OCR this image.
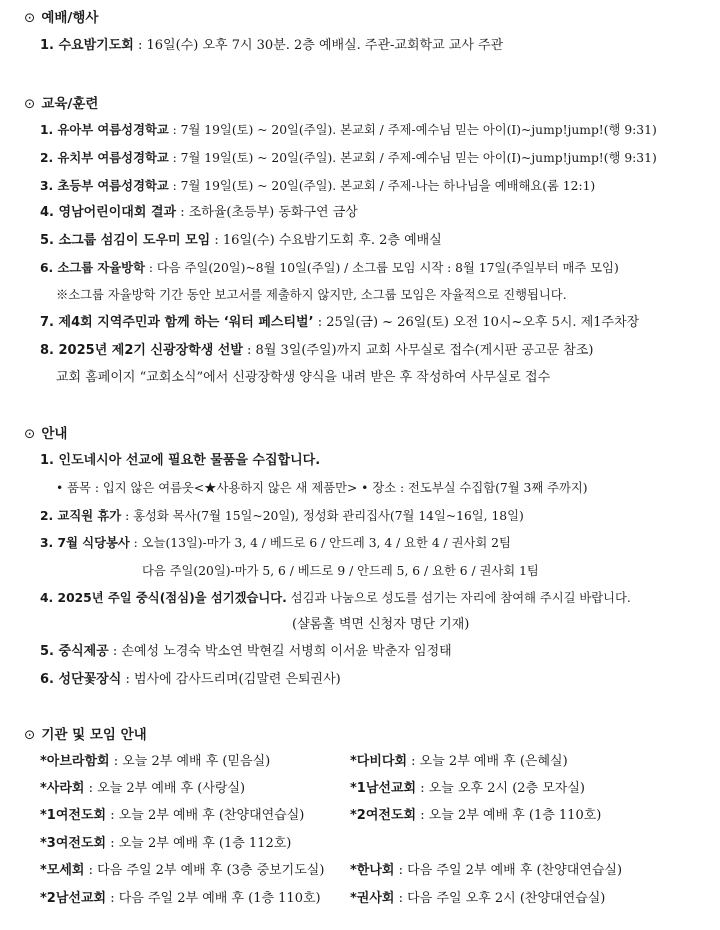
⊙ 예배/행사
1. 수요밤기도회 : 16일(수) 오후 7시 30분. 2층 예배실. 주관-교회학교 교사 주관
⊙ 교육/훈련
1. 유아부 여름성경학교 : 7월 19일(토) ~ 20일(주일). 본교회 / 주제-예수님 믿는 아이(I)~jump!jump!(행 9:31)
2. 유치부 여름성경학교 : 7월 19일(토) ~ 20일(주일). 본교회 / 주제-예수님 믿는 아이(I)~jump!jump!(행 9:31)
3. 초등부 여름성경학교 : 7월 19일(토) ~ 20일(주일). 본교회 / 주제-나는 하나님을 예배해요(롬 12:1)
4. 영남어린이대회 결과 : 조하율(초등부) 동화구연 금상
5. 소그룹 섬김이 도우미 모임 : 16일(수) 수요밤기도회 후. 2층 예배실
6. 소그룹 자율방학 : 다음 주일(20일)~8월 10일(주일) / 소그룹 모임 시작 : 8월 17일(주일부터 매주 모임)
※소그룹 자율방학 기간 동안 보고서를 제출하지 않지만, 소그룹 모임은 자율적으로 진행됩니다.
7. 제4회 지역주민과 함께 하는 ‘워터 페스티벌’ : 25일(금) ~ 26일(토) 오전 10시~오후 5시. 제1주차장
8. 2025년 제2기 신광장학생 선발 : 8월 3일(주일)까지 교회 사무실로 접수(게시판 공고문 참조)
교회 홈페이지 “교회소식”에서 신광장학생 양식을 내려 받은 후 작성하여 사무실로 접수
⊙ 안내
1. 인도네시아 선교에 필요한 물품을 수집합니다.
• 품목 : 입지 않은 여름옷<★사용하지 않은 새 제품만> • 장소 : 전도부실 수집함(7월 3째 주까지)
2. 교직원 휴가 : 홍성화 목사(7월 15일~20일), 정성화 관리집사(7월 14일~16일, 18일)
3. 7월 식당봉사 : 오늘(13일)-마가 3, 4 / 베드로 6 / 안드레 3, 4 / 요한 4 / 권사회 2팀
다음 주일(20일)-마가 5, 6 / 베드로 9 / 안드레 5, 6 / 요한 6 / 권사회 1팀
4. 2025년 주일 중식(점심)을 섬기겠습니다. 섬김과 나눔으로 성도를 섬기는 자리에 참여해 주시길 바랍니다.
(샬롬홀 벽면 신청자 명단 기재)
5. 중식제공 : 손예성 노경숙 박소연 박현길 서병희 이서윤 박춘자 임정태
6. 성단꽃장식 : 범사에 감사드리며(김말련 은퇴권사)
⊙ 기관 및 모임 안내
*아브라함회 : 오늘 2부 예배 후 (믿음실)	*다비다회 : 오늘 2부 예배 후 (은혜실)
*사라회 : 오늘 2부 예배 후 (사랑실)	*1남선교회 : 오늘 오후 2시 (2층 모자실)
*1여전도회 : 오늘 2부 예배 후 (찬양대연습실)	*2여전도회 : 오늘 2부 예배 후 (1층 110호)
*3여전도회 : 오늘 2부 예배 후 (1층 112호)
*모세회 : 다음 주일 2부 예배 후 (3층 중보기도실) *한나회 : 다음 주일 2부 예배 후 (찬양대연습실)
*2남선교회 : 다음 주일 2부 예배 후 (1층 110호) *권사회 : 다음 주일 오후 2시 (찬양대연습실)
